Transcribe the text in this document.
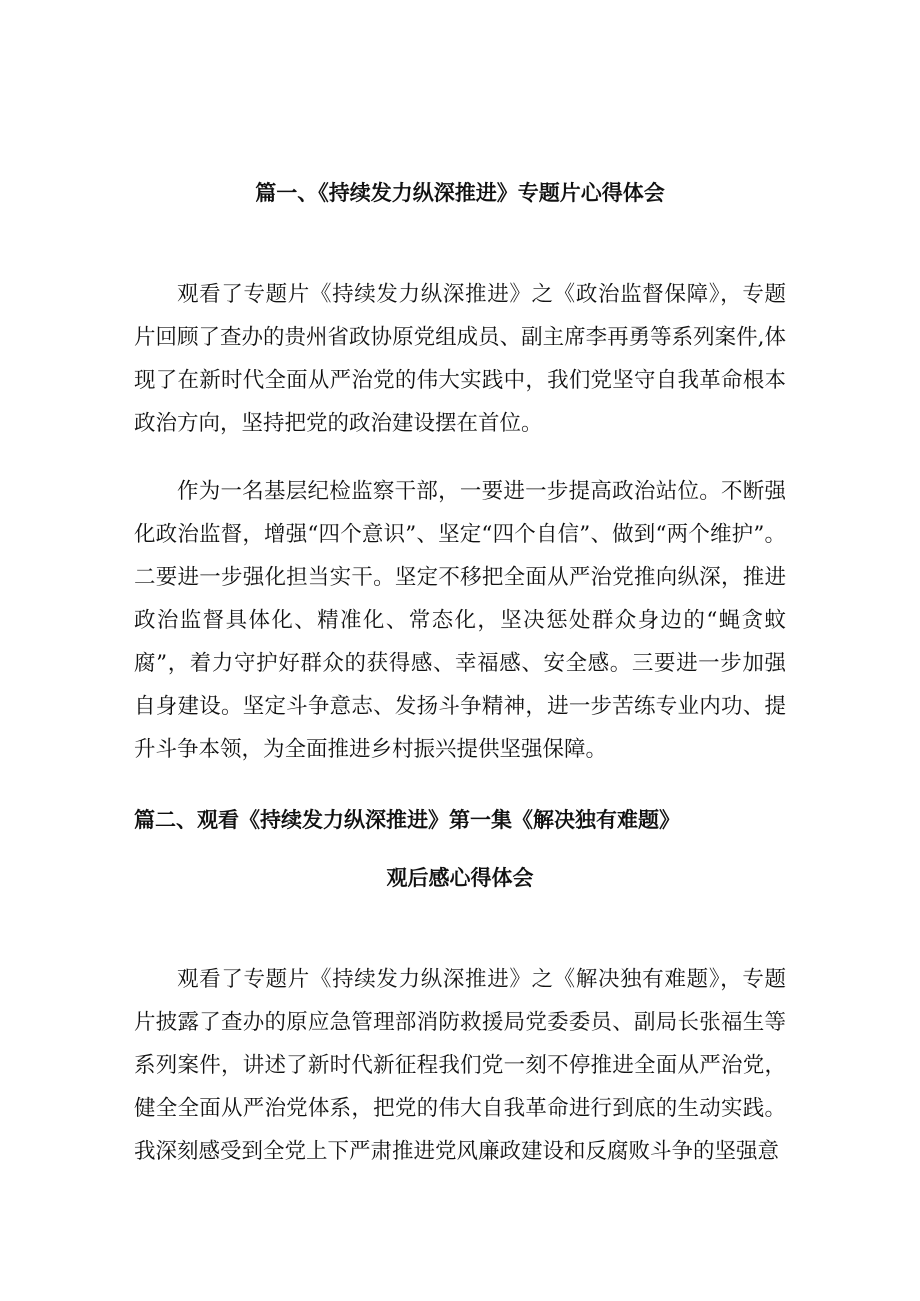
篇一、《持续发力纵深推进》专题片心得体会

观看了专题片《持续发力纵深推进》之《政治监督保障》，专题片回顾了查办的贵州省政协原党组成员、副主席李再勇等系列案件,体现了在新时代全面从严治党的伟大实践中，我们党坚守自我革命根本政治方向，坚持把党的政治建设摆在首位。

作为一名基层纪检监察干部，一要进一步提高政治站位。不断强化政治监督，增强“四个意识”、坚定“四个自信”、做到“两个维护”。二要进一步强化担当实干。坚定不移把全面从严治党推向纵深，推进政治监督具体化、精准化、常态化，坚决惩处群众身边的“蝇贪蚊腐”，着力守护好群众的获得感、幸福感、安全感。三要进一步加强自身建设。坚定斗争意志、发扬斗争精神，进一步苦练专业内功、提升斗争本领，为全面推进乡村振兴提供坚强保障。

篇二、观看《持续发力纵深推进》第一集《解决独有难题》
观后感心得体会

观看了专题片《持续发力纵深推进》之《解决独有难题》，专题片披露了查办的原应急管理部消防救援局党委委员、副局长张福生等系列案件，讲述了新时代新征程我们党一刻不停推进全面从严治党，健全全面从严治党体系，把党的伟大自我革命进行到底的生动实践。我深刻感受到全党上下严肃推进党风廉政建设和反腐败斗争的坚强意
